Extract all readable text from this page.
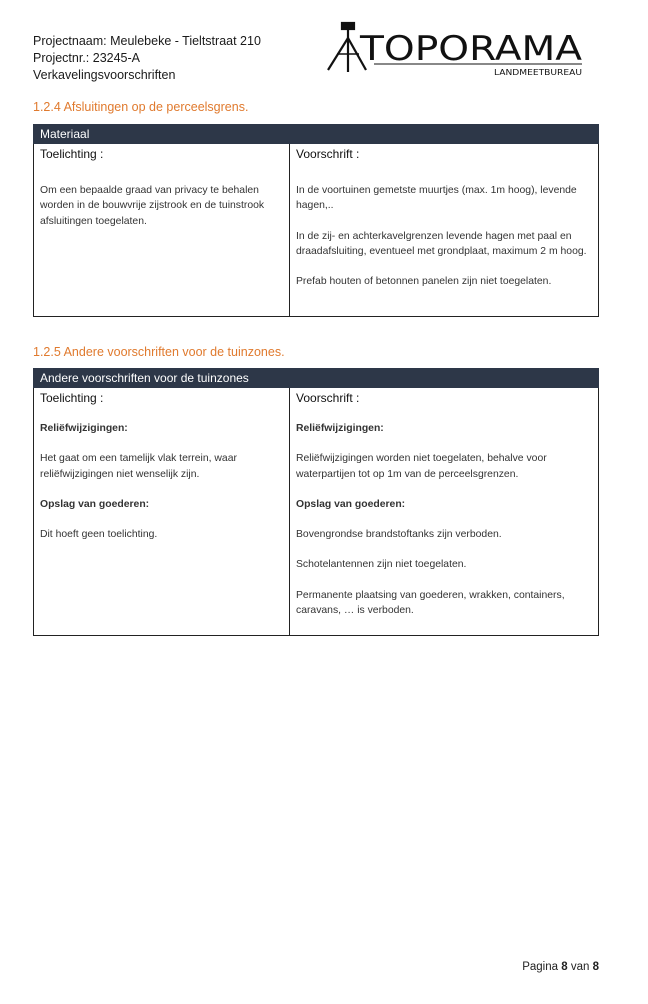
Projectnaam: Meulebeke - Tieltstraat 210
Projectnr.: 23245-A
Verkavelingsvoorschriften
TOPORAMA
LANDMEETBUREAU
1.2.4 Afsluitingen op de perceelsgrens.
Materiaal

Toelichting :

Om een bepaalde graad van privacy te behalen worden in de bouwvrije zijstrook en de tuinstrook afsluitingen toegelaten.

Voorschrift :

In de voortuinen gemetste muurtjes (max. 1m hoog), levende hagen,..

In de zij- en achterkavelgrenzen levende hagen met paal en draadafsluiting, eventueel met grondplaat, maximum 2 m hoog.

Prefab houten of betonnen panelen zijn niet toegelaten.

1.2.5 Andere voorschriften voor de tuinzones.
Andere voorschriften voor de tuinzones

Toelichting :

Reliëfwijzigingen:

Het gaat om een tamelijk vlak terrein, waar reliëfwijzigingen niet wenselijk zijn.

Opslag van goederen:

Dit hoeft geen toelichting.

Voorschrift :

Reliëfwijzigingen:

Reliëfwijzigingen worden niet toegelaten, behalve voor waterpartijen tot op 1m van de perceelsgrenzen.

Opslag van goederen:

Bovengrondse brandstoftanks zijn verboden.

Schotelantennen zijn niet toegelaten.

Permanente plaatsing van goederen, wrakken, containers, caravans, … is verboden.

Pagina 8 van 8
